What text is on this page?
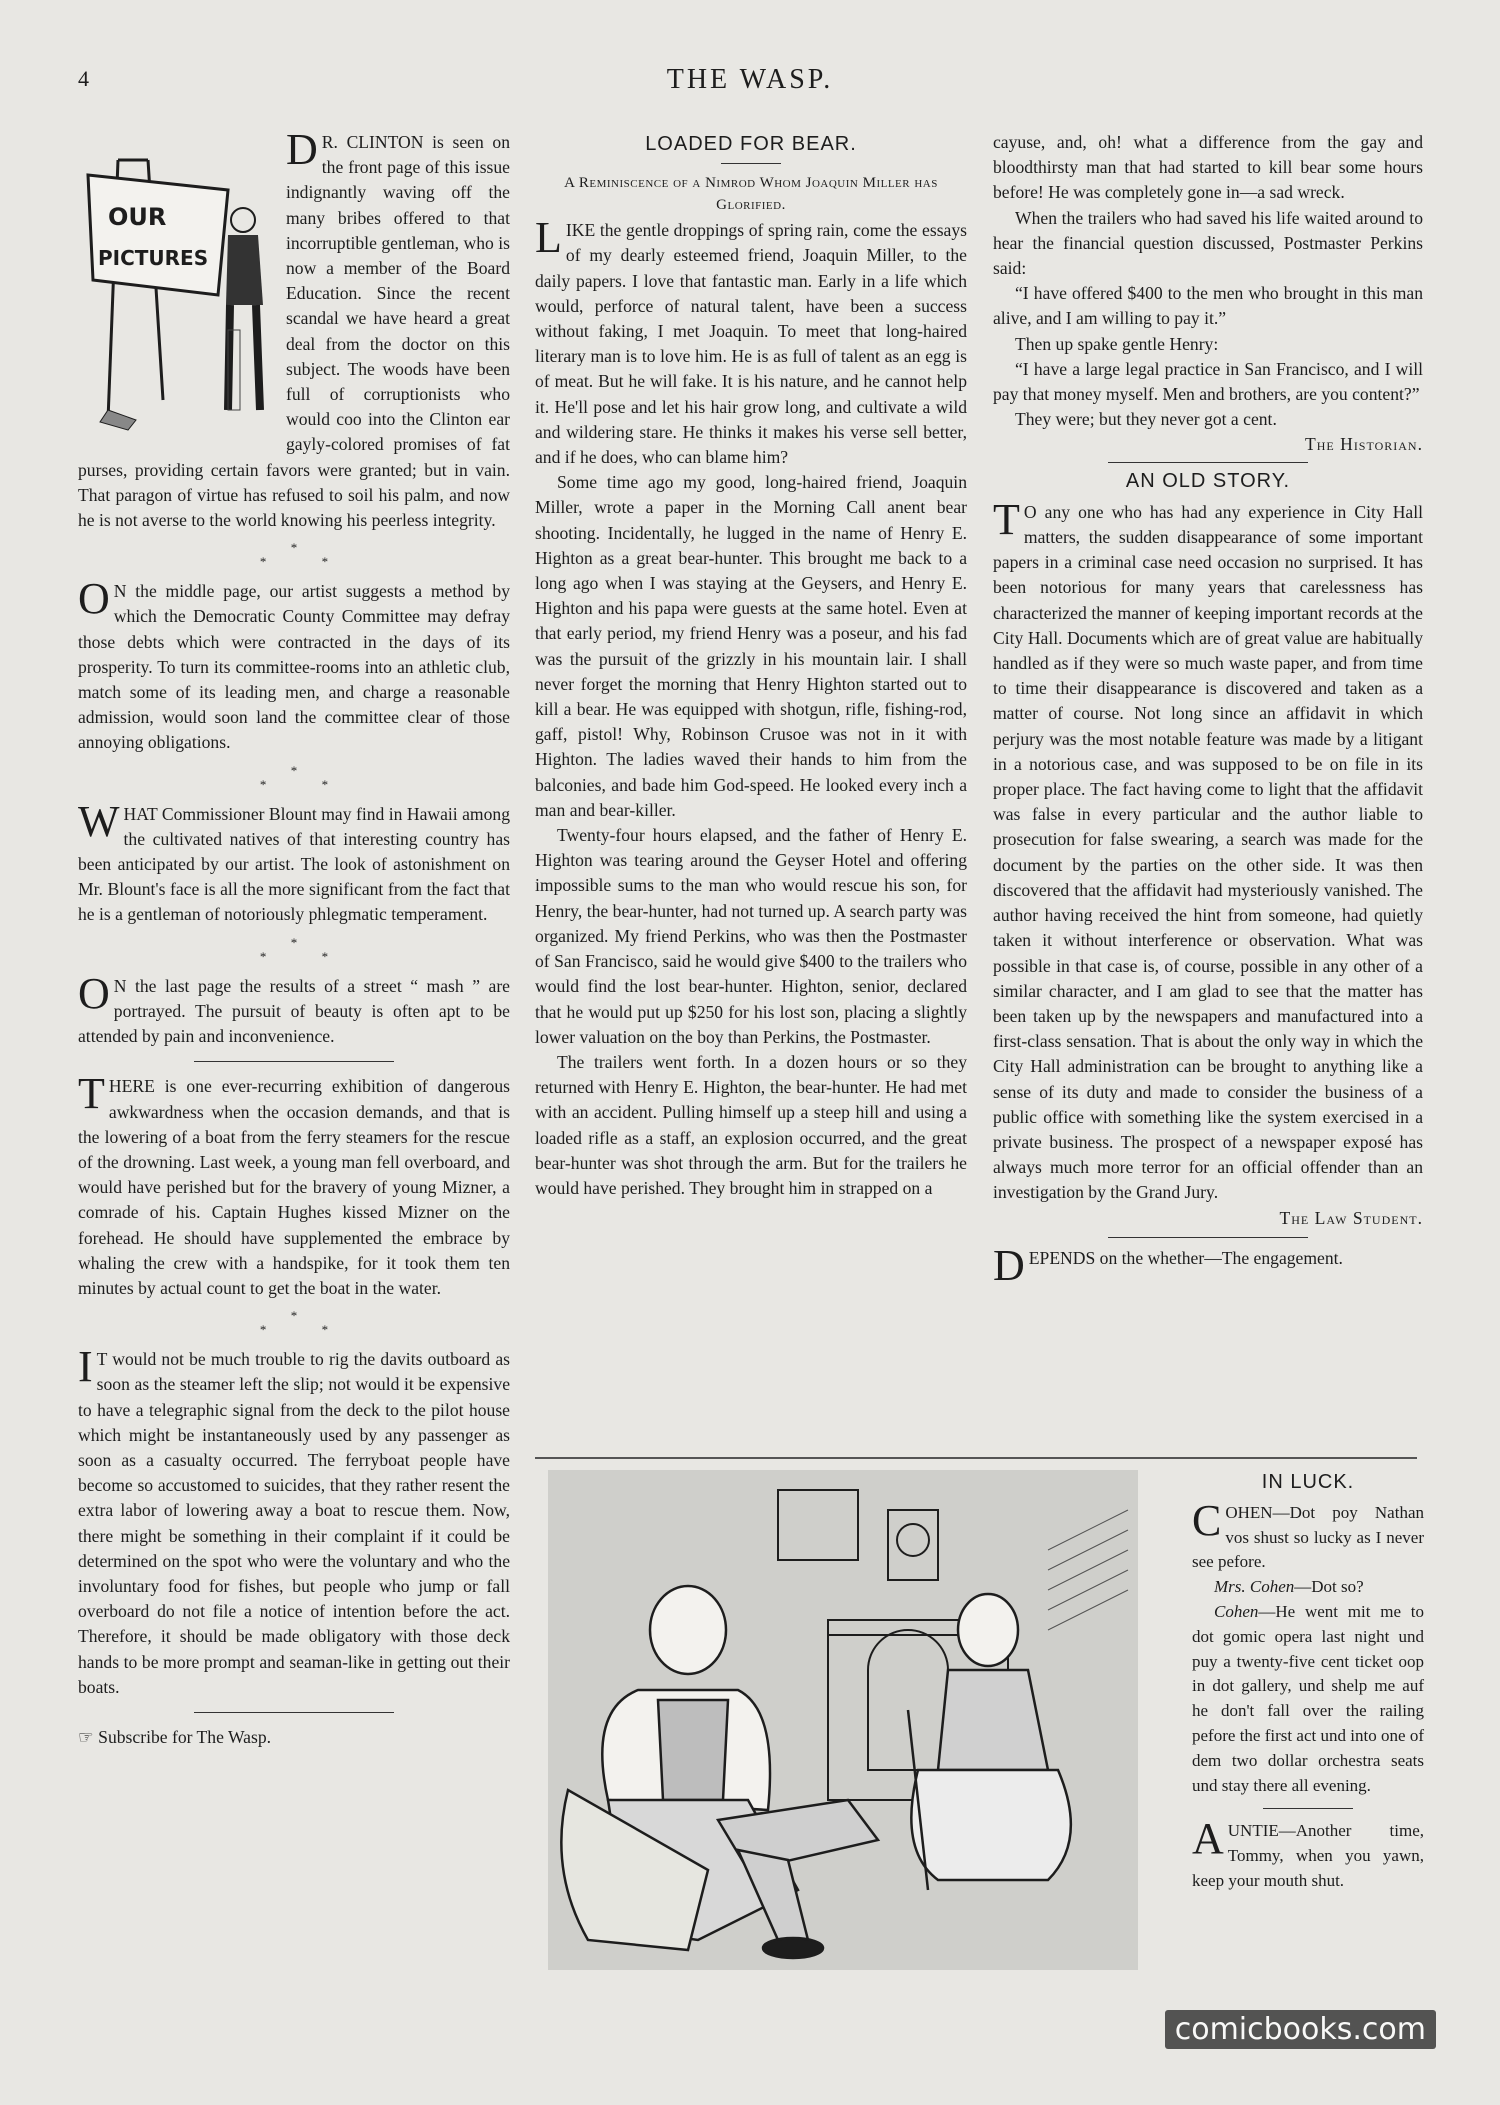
4	THE WASP.
OUR
PICTURES

D R. CLINTON is seen on the front page of this issue indignantly waving off the many bribes offered to that incorruptible gentleman, who is now a member of the Board Education. Since the recent scandal we have heard a great deal from the doctor on this subject. The woods have been full of corruptionists who would coo into the Clinton ear gayly-colored promises of fat purses, providing certain favors were granted; but in vain. That paragon of virtue has refused to soil his palm, and now he is not averse to the world knowing his peerless integrity.

*
* *

O N the middle page, our artist suggests a method by which the Democratic County Committee may defray those debts which were contracted in the days of its prosperity. To turn its committee-rooms into an athletic club, match some of its leading men, and charge a reasonable admission, would soon land the committee clear of those annoying obligations.

*
* *

WHAT Commissioner Blount may find in Hawaii among the cultivated natives of that interesting country has been anticipated by our artist. The look of astonishment on Mr. Blount's face is all the more significant from the fact that he is a gentleman of notoriously phlegmatic temperament.

*
* *

O N the last page the results of a street “ mash ” are portrayed. The pursuit of beauty is often apt to be attended by pain and inconvenience.

THERE is one ever-recurring exhibition of dangerous awkwardness when the occasion demands, and that is the lowering of a boat from the ferry steamers for the rescue of the drowning. Last week, a young man fell overboard, and would have perished but for the bravery of young Mizner, a comrade of his. Captain Hughes kissed Mizner on the forehead. He should have supplemented the embrace by whaling the crew with a handspike, for it took them ten minutes by actual count to get the boat in the water.

*
* *

I T would not be much trouble to rig the davits outboard as soon as the steamer left the slip; not would it be expensive to have a telegraphic signal from the deck to the pilot house which might be instantaneously used by any passenger as soon as a casualty occurred. The ferryboat people have become so accustomed to suicides, that they rather resent the extra labor of lowering away a boat to rescue them. Now, there might be something in their complaint if it could be determined on the spot who were the voluntary and who the involuntary food for fishes, but people who jump or fall overboard do not file a notice of intention before the act. Therefore, it should be made obligatory with those deck hands to be more prompt and seaman-like in getting out their boats.

☞ Subscribe for The Wasp.

LOADED FOR BEAR.
A Reminiscence of a Nimrod Whom Joaquin Miller has Glorified.

LIKE the gentle droppings of spring rain, come the essays of my dearly esteemed friend, Joaquin Miller, to the daily papers. I love that fantastic man. Early in a life which would, perforce of natural talent, have been a success without faking, I met Joaquin. To meet that long-haired literary man is to love him. He is as full of talent as an egg is of meat. But he will fake. It is his nature, and he cannot help it. He'll pose and let his hair grow long, and cultivate a wild and wildering stare. He thinks it makes his verse sell better, and if he does, who can blame him?

Some time ago my good, long-haired friend, Joaquin Miller, wrote a paper in the Morning Call anent bear shooting. Incidentally, he lugged in the name of Henry E. Highton as a great bear-hunter. This brought me back to a long ago when I was staying at the Geysers, and Henry E. Highton and his papa were guests at the same hotel. Even at that early period, my friend Henry was a poseur, and his fad was the pursuit of the grizzly in his mountain lair. I shall never forget the morning that Henry Highton started out to kill a bear. He was equipped with shotgun, rifle, fishing-rod, gaff, pistol! Why, Robinson Crusoe was not in it with Highton. The ladies waved their hands to him from the balconies, and bade him God-speed. He looked every inch a man and bear-killer.

Twenty-four hours elapsed, and the father of Henry E. Highton was tearing around the Geyser Hotel and offering impossible sums to the man who would rescue his son, for Henry, the bear-hunter, had not turned up. A search party was organized. My friend Perkins, who was then the Postmaster of San Francisco, said he would give $400 to the trailers who would find the lost bear-hunter. Highton, senior, declared that he would put up $250 for his lost son, placing a slightly lower valuation on the boy than Perkins, the Postmaster.

The trailers went forth. In a dozen hours or so they returned with Henry E. Highton, the bear-hunter. He had met with an accident. Pulling himself up a steep hill and using a loaded rifle as a staff, an explosion occurred, and the great bear-hunter was shot through the arm. But for the trailers he would have perished. They brought him in strapped on a

cayuse, and, oh! what a difference from the gay and bloodthirsty man that had started to kill bear some hours before! He was completely gone in—a sad wreck.

When the trailers who had saved his life waited around to hear the financial question discussed, Postmaster Perkins said:

“I have offered $400 to the men who brought in this man alive, and I am willing to pay it.”

Then up spake gentle Henry:

“I have a large legal practice in San Francisco, and I will pay that money myself. Men and brothers, are you content?”

They were; but they never got a cent.

The Historian.
AN OLD STORY.

T O any one who has had any experience in City Hall matters, the sudden disappearance of some important papers in a criminal case need occasion no surprised. It has been notorious for many years that carelessness has characterized the manner of keeping important records at the City Hall. Documents which are of great value are habitually handled as if they were so much waste paper, and from time to time their disappearance is discovered and taken as a matter of course. Not long since an affidavit in which perjury was the most notable feature was made by a litigant in a notorious case, and was supposed to be on file in its proper place. The fact having come to light that the affidavit was false in every particular and the author liable to prosecution for false swearing, a search was made for the document by the parties on the other side. It was then discovered that the affidavit had mysteriously vanished. The author having received the hint from someone, had quietly taken it without interference or observation. What was possible in that case is, of course, possible in any other of a similar character, and I am glad to see that the matter has been taken up by the newspapers and manufactured into a first-class sensation. That is about the only way in which the City Hall administration can be brought to anything like a sense of its duty and made to consider the business of a public office with something like the system exercised in a private business. The prospect of a newspaper exposé has always much more terror for an official offender than an investigation by the Grand Jury.

The Law Student.

DEPENDS on the whether—The engagement.

IN LUCK.

COHEN—Dot poy Nathan vos shust so lucky as I never see pefore.

Mrs. Cohen—Dot so?

Cohen—He went mit me to dot gomic opera last night und puy a twenty-five cent ticket oop in dot gallery, und shelp me auf he don't fall over the railing pefore the first act und into one of dem two dollar orchestra seats und stay there all evening.

AUNTIE—Another time, Tommy, when you yawn, keep your mouth shut.

comicbooks.com
